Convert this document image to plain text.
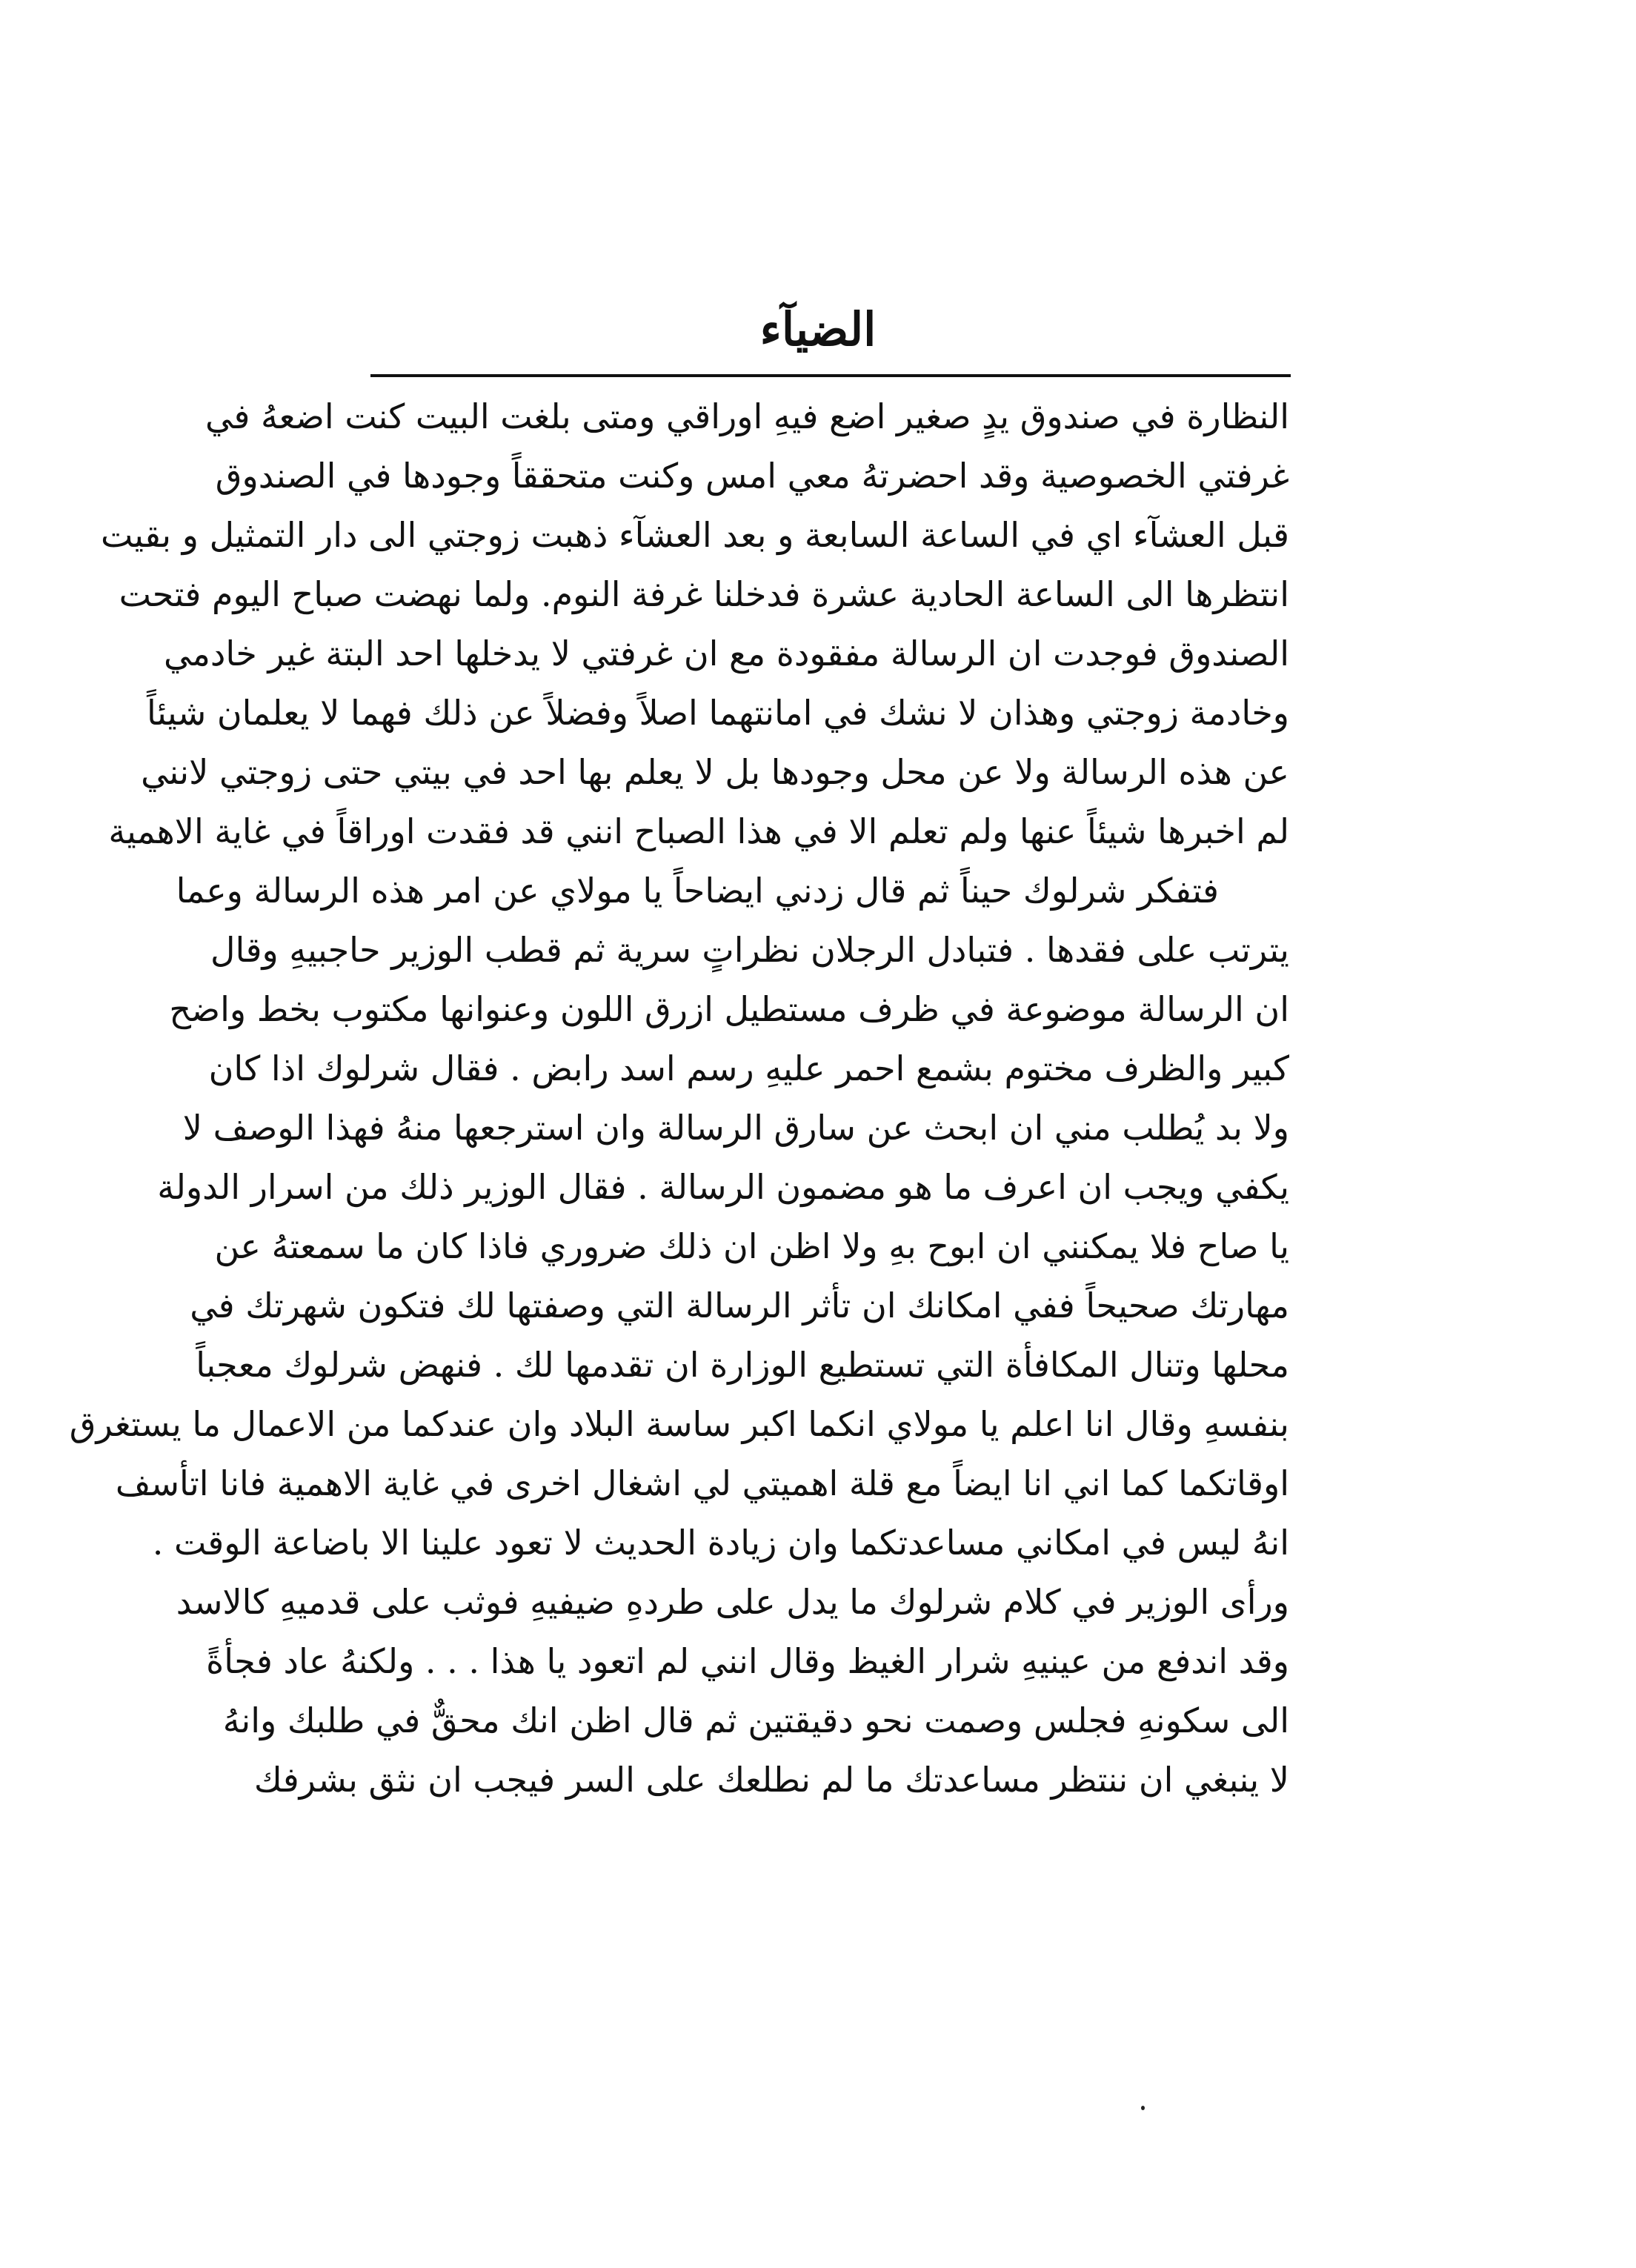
الضيآء
النظارة في صندوق يدٍ صغير اضع فيهِ اوراقي ومتى بلغت البيت كنت اضعهُ في
غرفتي الخصوصية وقد احضرتهُ معي امس وكنت متحققاً وجودها في الصندوق
قبل العشآء اي في الساعة السابعة و بعد العشآء ذهبت زوجتي الى دار التمثيل و بقيت
انتظرها الى الساعة الحادية عشرة فدخلنا غرفة النوم. ولما نهضت صباح اليوم فتحت
الصندوق فوجدت ان الرسالة مفقودة مع ان غرفتي لا يدخلها احد البتة غير خادمي
وخادمة زوجتي وهذان لا نشك في امانتهما اصلاً وفضلاً عن ذلك فهما لا يعلمان شيئاً
عن هذه الرسالة ولا عن محل وجودها بل لا يعلم بها احد في بيتي حتى زوجتي لانني
لم اخبرها شيئاً عنها ولم تعلم الا في هذا الصباح انني قد فقدت اوراقاً في غاية الاهمية
فتفكر شرلوك حيناً ثم قال زدني ايضاحاً يا مولاي عن امر هذه الرسالة وعما
يترتب على فقدها . فتبادل الرجلان نظراتٍ سرية ثم قطب الوزير حاجبيهِ وقال
ان الرسالة موضوعة في ظرف مستطيل ازرق اللون وعنوانها مكتوب بخط واضح
كبير والظرف مختوم بشمع احمر عليهِ رسم اسد رابض . فقال شرلوك اذا كان
ولا بد يُطلب مني ان ابحث عن سارق الرسالة وان استرجعها منهُ فهذا الوصف لا
يكفي ويجب ان اعرف ما هو مضمون الرسالة . فقال الوزير ذلك من اسرار الدولة
يا صاح فلا يمكنني ان ابوح بهِ ولا اظن ان ذلك ضروري فاذا كان ما سمعتهُ عن
مهارتك صحيحاً ففي امكانك ان تأثر الرسالة التي وصفتها لك فتكون شهرتك في
محلها وتنال المكافأة التي تستطيع الوزارة ان تقدمها لك . فنهض شرلوك معجباً
بنفسهِ وقال انا اعلم يا مولاي انكما اكبر ساسة البلاد وان عندكما من الاعمال ما يستغرق
اوقاتكما كما اني انا ايضاً مع قلة اهميتي لي اشغال اخرى في غاية الاهمية فانا اتأسف
انهُ ليس في امكاني مساعدتكما وان زيادة الحديث لا تعود علينا الا باضاعة الوقت .
ورأى الوزير في كلام شرلوك ما يدل على طردهِ ضيفيهِ فوثب على قدميهِ كالاسد
وقد اندفع من عينيهِ شرار الغيظ وقال انني لم اتعود يا هذا . . . ولكنهُ عاد فجأةً
الى سكونهِ فجلس وصمت نحو دقيقتين ثم قال اظن انك محقٌّ في طلبك وانهُ
لا ينبغي ان ننتظر مساعدتك ما لم نطلعك على السر فيجب ان نثق بشرفك
